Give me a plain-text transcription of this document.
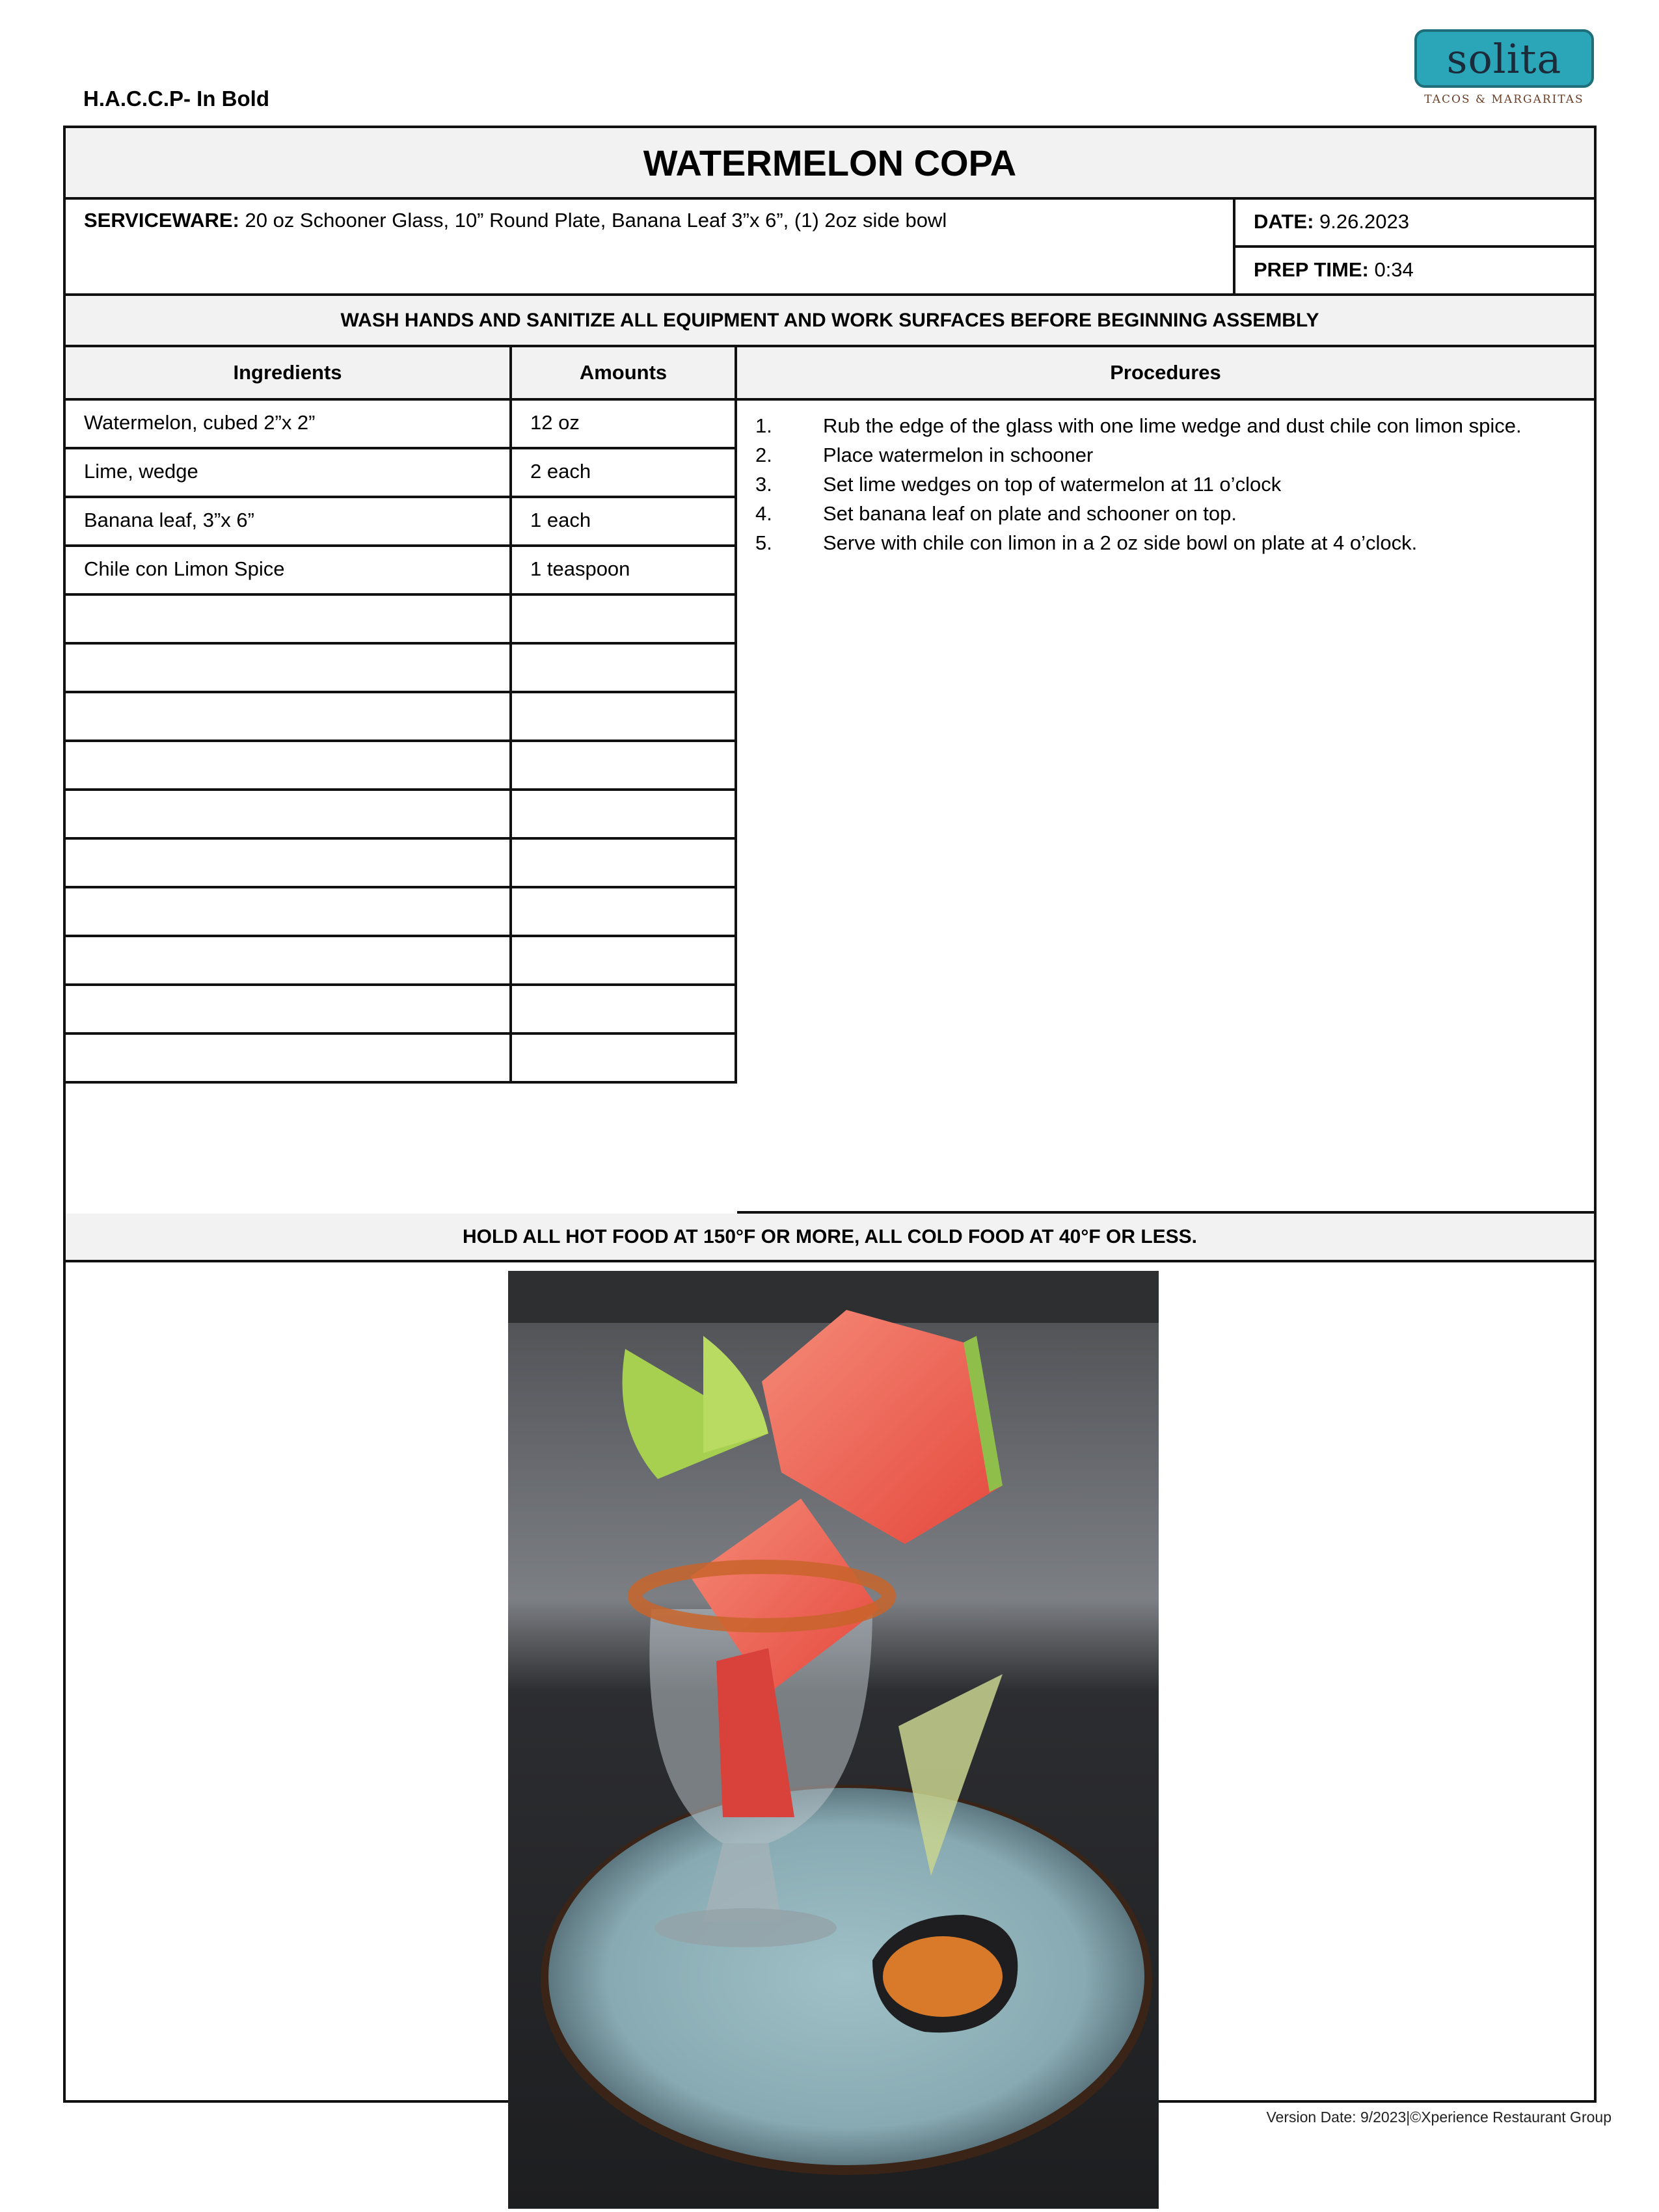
H.A.C.C.P- In Bold
solita
TACOS & MARGARITAS
WATERMELON COPA
SERVICEWARE: 20 oz Schooner Glass, 10” Round Plate, Banana Leaf 3”x 6”, (1) 2oz side bowl	DATE: 9.26.2023
PREP TIME: 0:34
WASH HANDS AND SANITIZE ALL EQUIPMENT AND WORK SURFACES BEFORE BEGINNING ASSEMBLY
Ingredients	Amounts	Procedures
Watermelon, cubed 2”x 2”	12 oz
Lime, wedge	2 each
Banana leaf, 3”x 6”	1 each
Chile con Limon Spice	1 teaspoon
1.	Rub the edge of the glass with one lime wedge and dust chile con limon spice.
2.	Place watermelon in schooner
3.	Set lime wedges on top of watermelon at 11 o’clock
4.	Set banana leaf on plate and schooner on top.
5.	Serve with chile con limon in a 2 oz side bowl on plate at 4 o’clock.
HOLD ALL HOT FOOD AT 150°F OR MORE, ALL COLD FOOD AT 40°F OR LESS.
Version Date: 9/2023|©Xperience Restaurant Group
